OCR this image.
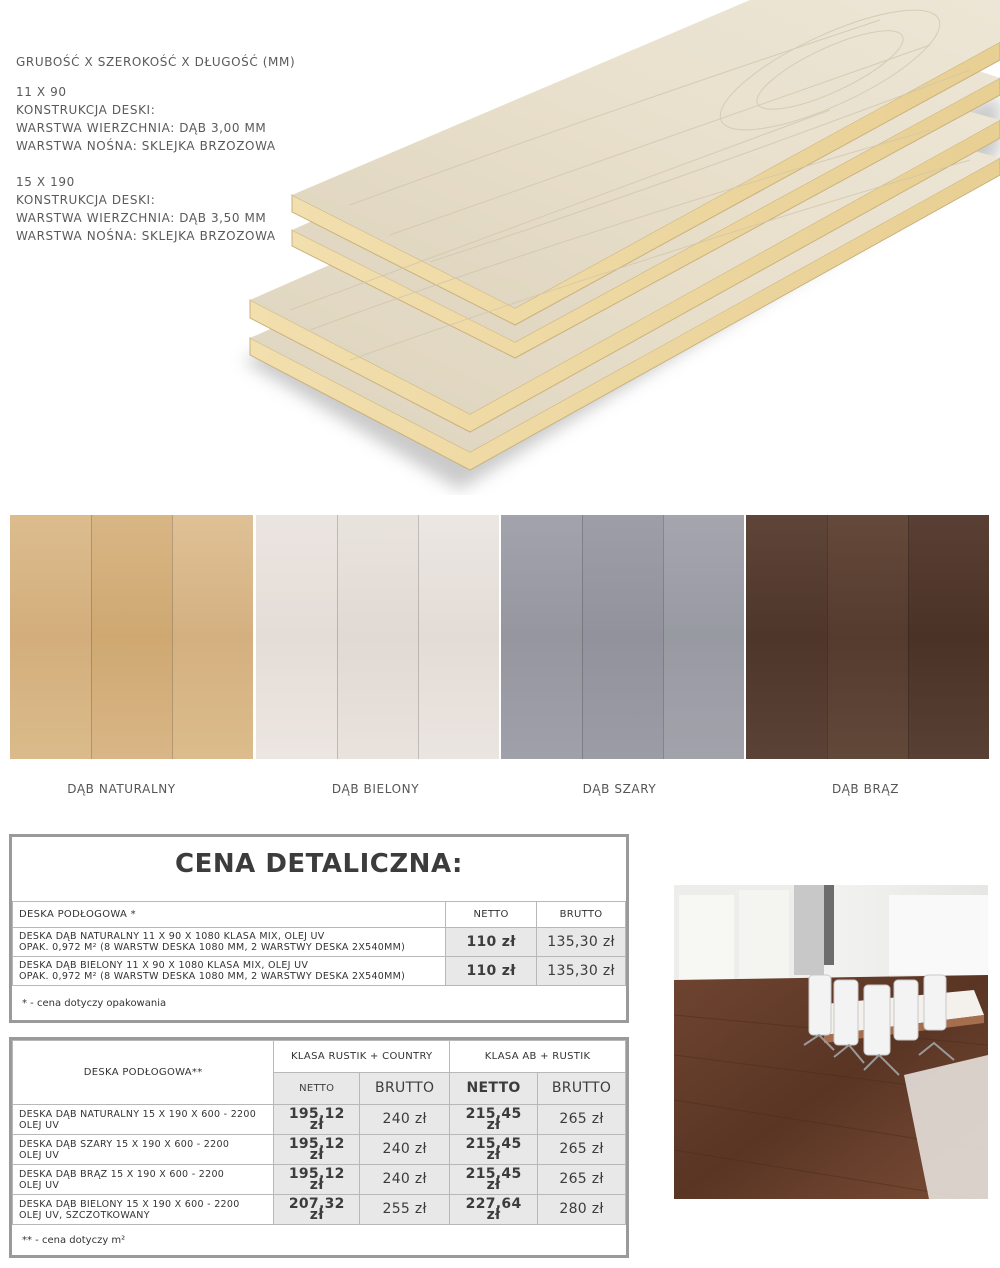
GRUBOŚĆ X SZEROKOŚĆ X DŁUGOŚĆ (MM)
11 X 90
KONSTRUKCJA DESKI:
WARSTWA WIERZCHNIA: DĄB 3,00 MM
WARSTWA NOŚNA: SKLEJKA BRZOZOWA
15 X 190
KONSTRUKCJA DESKI:
WARSTWA WIERZCHNIA: DĄB 3,50 MM
WARSTWA NOŚNA: SKLEJKA BRZOZOWA
DĄB NATURALNY	DĄB BIELONY	DĄB SZARY	DĄB BRĄZ
CENA DETALICZNA:
DESKA PODŁOGOWA *	NETTO	BRUTTO

DESKA DĄB NATURALNY 11 X 90 X 1080 KLASA MIX, OLEJ UV
OPAK. 0,972 M² (8 WARSTW DESKA 1080 MM, 2 WARSTWY DESKA 2X540MM)	110 zł	135,30 zł

DESKA DĄB BIELONY 11 X 90 X 1080 KLASA MIX, OLEJ UV
OPAK. 0,972 M² (8 WARSTW DESKA 1080 MM, 2 WARSTWY DESKA 2X540MM)	110 zł	135,30 zł
* - cena dotyczy opakowania
DESKA PODŁOGOWA**	KLASA RUSTIK + COUNTRY		KLASA AB + RUSTIK	
	NETTO	BRUTTO	NETTO	BRUTTO

DESKA DĄB NATURALNY 15 X 190 X 600 - 2200
OLEJ UV	195,12 zł	240 zł	215,45 zł	265 zł

DESKA DĄB SZARY 15 X 190 X 600 - 2200
OLEJ UV	195,12 zł	240 zł	215,45 zł	265 zł

DESKA DĄB BRĄZ 15 X 190 X 600 - 2200
OLEJ UV	195,12 zł	240 zł	215,45 zł	265 zł

DESKA DĄB BIELONY 15 X 190 X 600 - 2200
OLEJ UV, SZCZOTKOWANY	207,32 zł	255 zł	227,64 zł	280 zł
** - cena dotyczy m²
